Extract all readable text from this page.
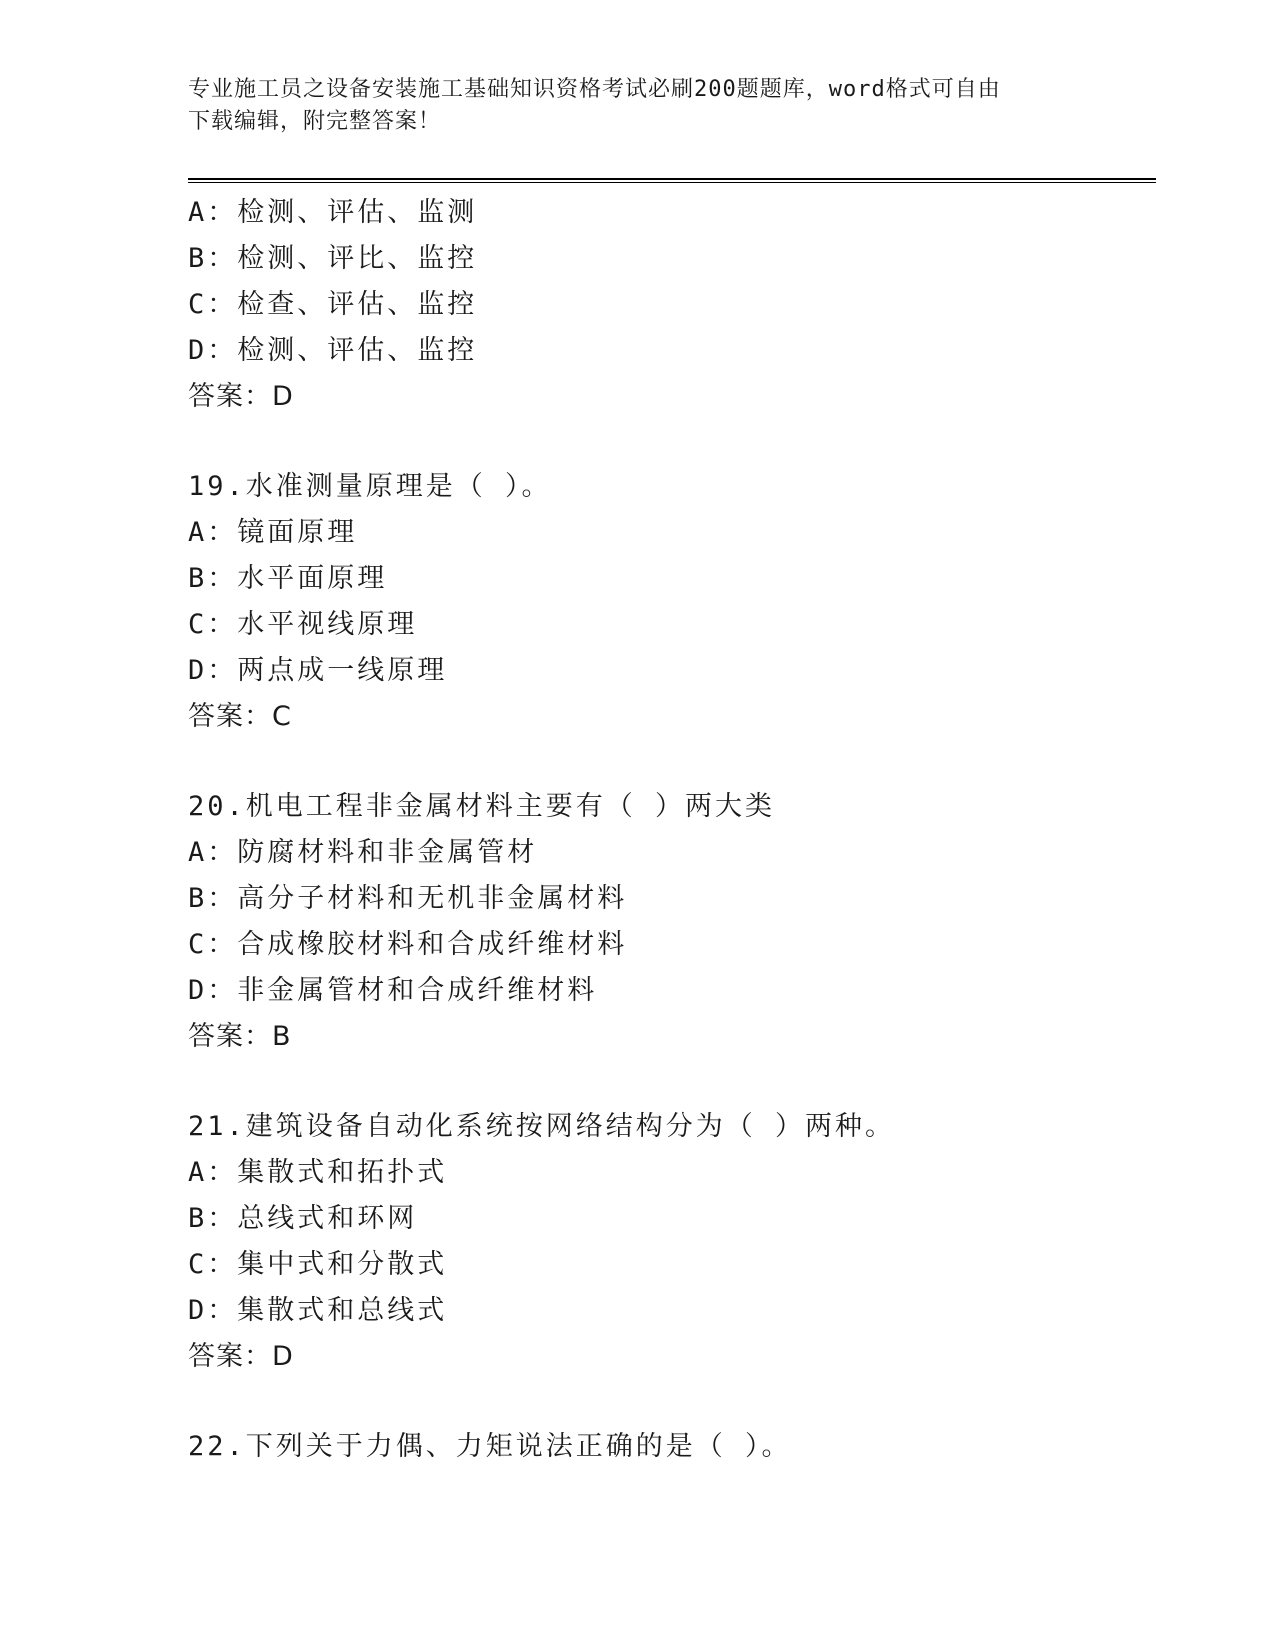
专业施工员之设备安装施工基础知识资格考试必刷200题题库，word格式可自由
下载编辑，附完整答案！
A：检测、评估、监测
B：检测、评比、监控
C：检查、评估、监控
D：检测、评估、监控
答案：D
19.水准测量原理是（ ）。
A：镜面原理
B：水平面原理
C：水平视线原理
D：两点成一线原理
答案：C
20.机电工程非金属材料主要有（ ）两大类
A：防腐材料和非金属管材
B：高分子材料和无机非金属材料
C：合成橡胶材料和合成纤维材料
D：非金属管材和合成纤维材料
答案：B
21.建筑设备自动化系统按网络结构分为（ ）两种。
A：集散式和拓扑式
B：总线式和环网
C：集中式和分散式
D：集散式和总线式
答案：D
22.下列关于力偶、力矩说法正确的是（ ）。
